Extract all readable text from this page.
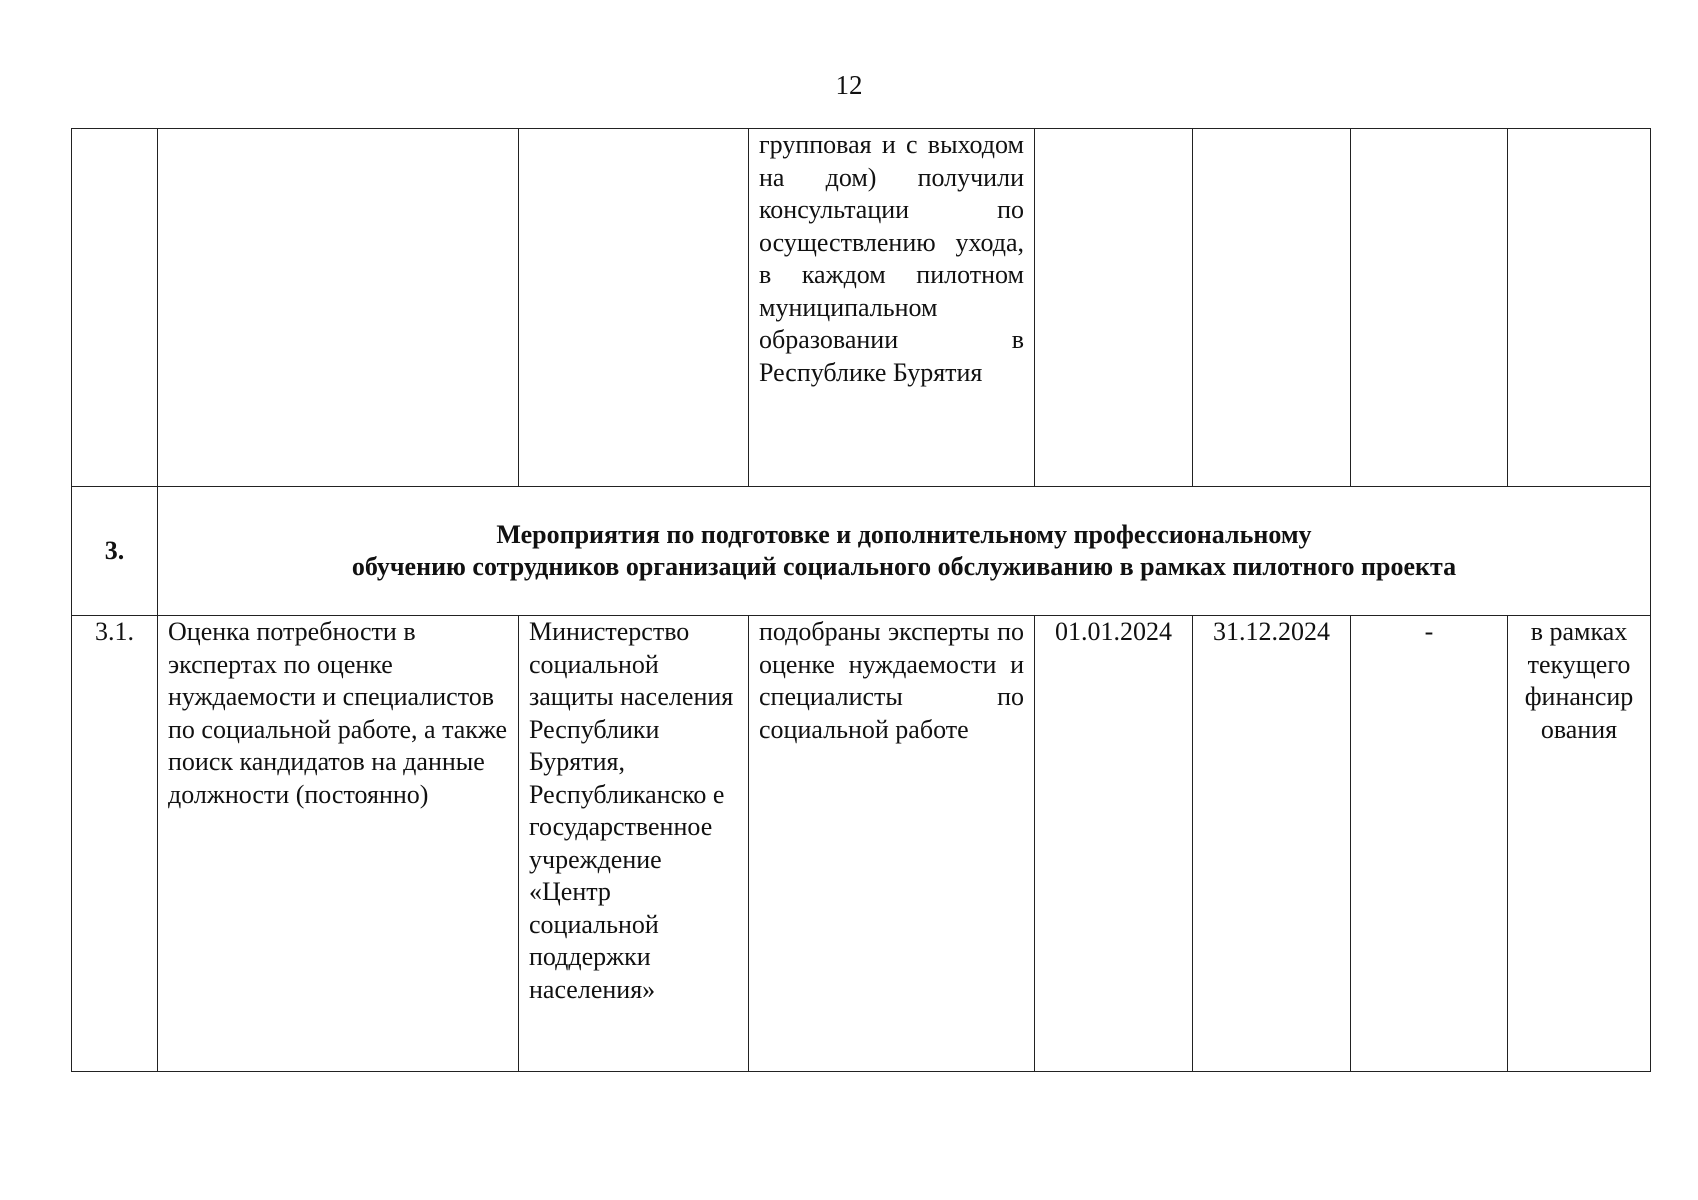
12
			групповая и с выходом на дом) получили консультации по осуществлению ухода, в каждом пилотном муниципальном образовании в Республике Бурятия				
3.	Мероприятия по подготовке и дополнительному профессиональному
обучению сотрудников организаций социального обслуживанию в рамках пилотного проекта						

3.1.	Оценка потребности в экспертах по оценке нуждаемости и специалистов по социальной работе, а также поиск кандидатов на данные должности (постоянно)	Министерство социальной защиты населения Республики Бурятия, Республиканско е государственное учреждение «Центр социальной поддержки населения»	подобраны эксперты по оценке нуждаемости и специалисты по социальной работе	01.01.2024	31.12.2024	-	в рамках текущего финансир ования
